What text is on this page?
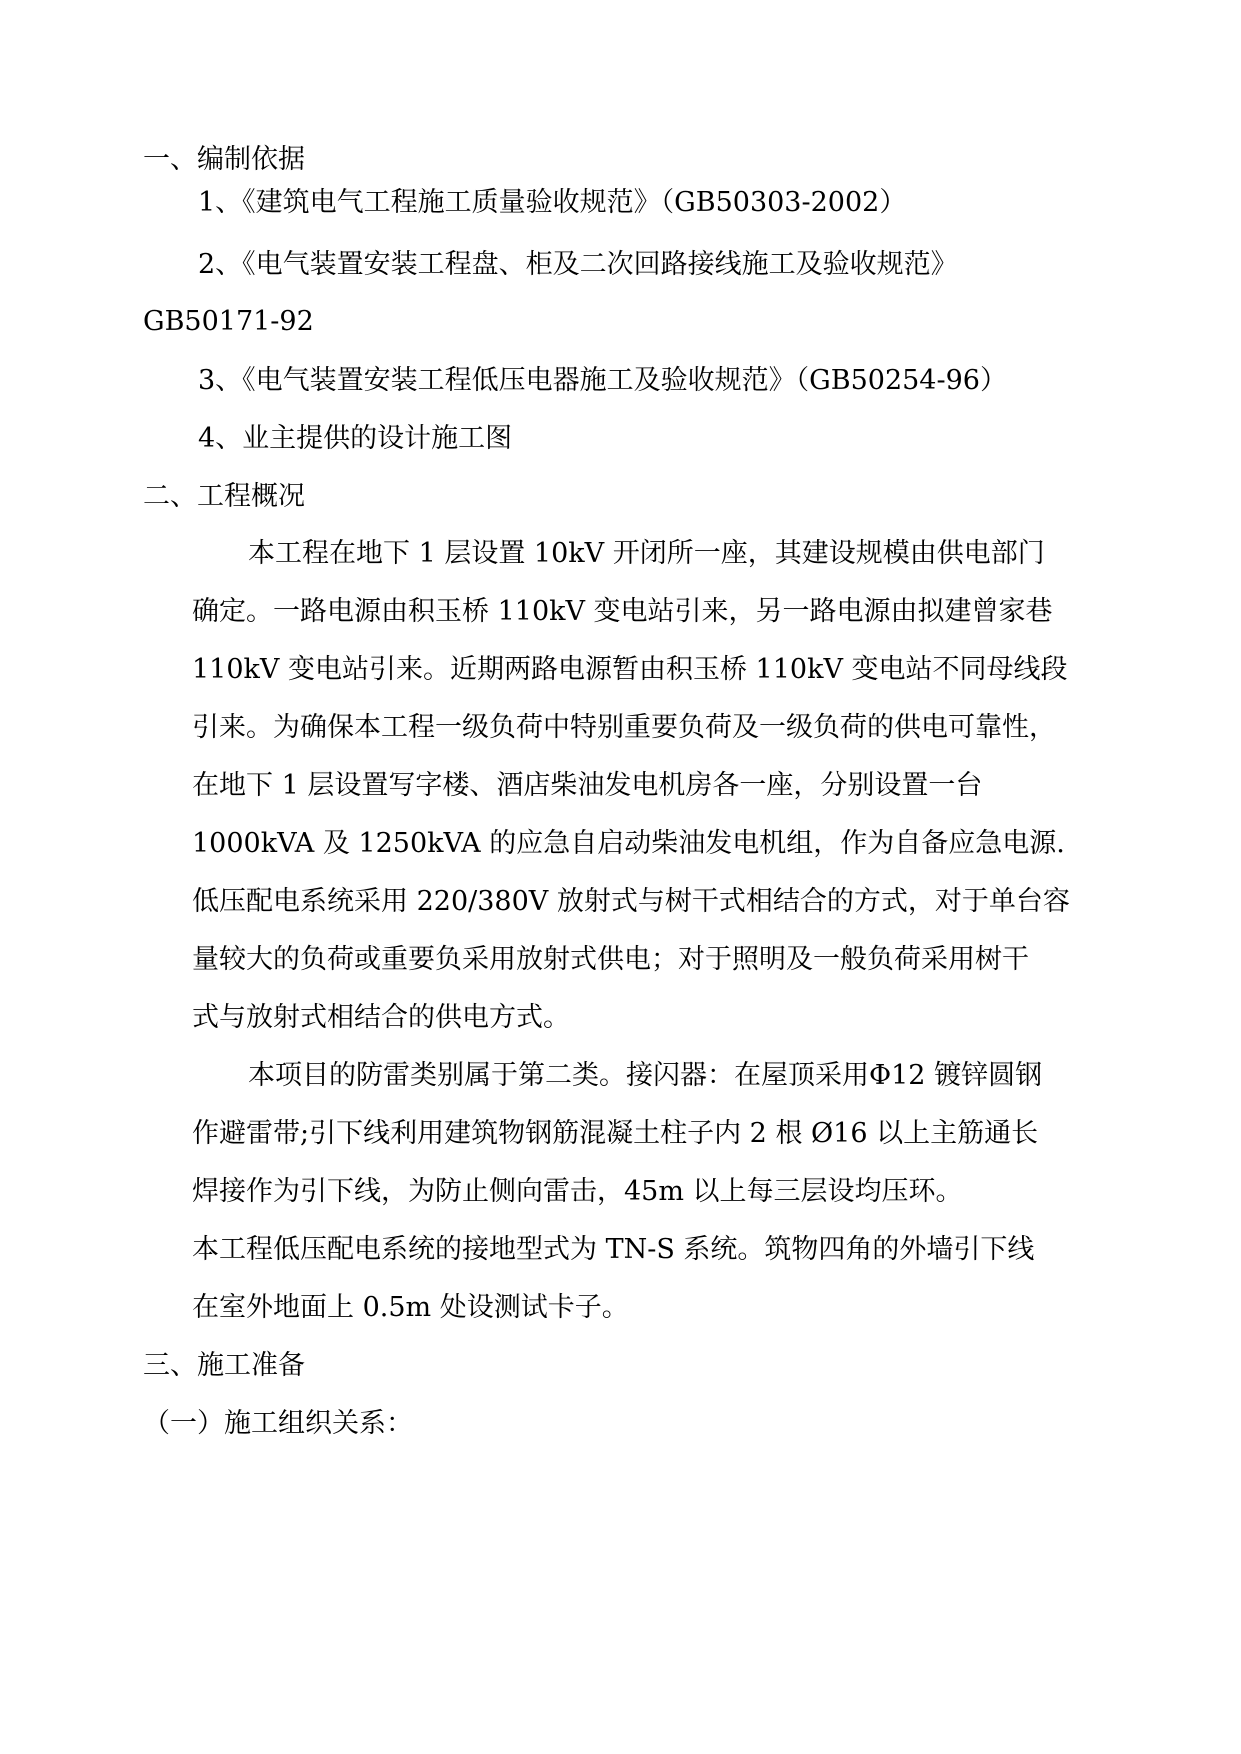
一、编制依据
1、《建筑电气工程施工质量验收规范》（GB50303-2002）
2、《电气装置安装工程盘、柜及二次回路接线施工及验收规范》
GB50171-92
3、《电气装置安装工程低压电器施工及验收规范》（GB50254-96）
4、业主提供的设计施工图
二、工程概况
本工程在地下 1 层设置 10kV 开闭所一座，其建设规模由供电部门
确定。一路电源由积玉桥 110kV 变电站引来，另一路电源由拟建曾家巷
110kV 变电站引来。近期两路电源暂由积玉桥 110kV 变电站不同母线段
引来。为确保本工程一级负荷中特别重要负荷及一级负荷的供电可靠性，
在地下 1 层设置写字楼、酒店柴油发电机房各一座，分别设置一台
1000kVA 及 1250kVA 的应急自启动柴油发电机组，作为自备应急电源.
低压配电系统采用 220/380V 放射式与树干式相结合的方式，对于单台容
量较大的负荷或重要负采用放射式供电；对于照明及一般负荷采用树干
式与放射式相结合的供电方式。
本项目的防雷类别属于第二类。接闪器：在屋顶采用Φ12 镀锌圆钢
作避雷带;引下线利用建筑物钢筋混凝土柱子内 2 根 Ø16 以上主筋通长
焊接作为引下线，为防止侧向雷击，45m 以上每三层设均压环。
本工程低压配电系统的接地型式为 TN-S 系统。筑物四角的外墙引下线
在室外地面上 0.5m 处设测试卡子。
三、施工准备
（一）施工组织关系：
